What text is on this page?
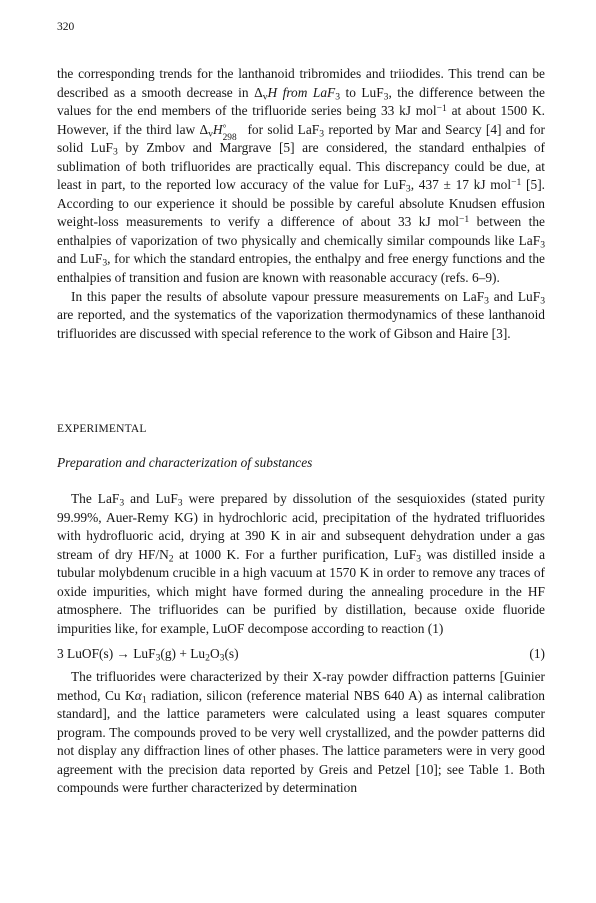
320

the corresponding trends for the lanthanoid tribromides and triiodides. This trend can be described as a smooth decrease in $\Delta_vH$ from LaF$_3$ to LuF$_3$, the difference between the values for the end members of the trifluoride series being 33 kJ mol$^{-1}$ at about 1500 K. However, if the third law $\Delta_vH$ °
298
for solid LaF$_3$ reported by Mar and Searcy [4] and for solid LuF$_3$ by Zmbov and Margrave [5] are considered, the standard enthalpies of sublimation of both trifluorides are practically equal. This discrepancy could be due, at least in part, to the reported low accuracy of the value for LuF$_3$, 437 ± 17 kJ mol$^{-1}$ [5]. According to our experience it should be possible by careful absolute Knudsen effusion weight-loss measurements to verify a difference of about 33 kJ mol$^{-1}$ between the enthalpies of vaporization of two physically and chemically similar compounds like LaF$_3$ and LuF$_3$, for which the standard entropies, the enthalpy and free energy functions and the enthalpies of transition and fusion are known with reasonable accuracy (refs. 6–9).

In this paper the results of absolute vapour pressure measurements on LaF$_3$ and LuF$_3$ are reported, and the systematics of the vaporization thermodynamics of these lanthanoid trifluorides are discussed with special reference to the work of Gibson and Haire [3].

EXPERIMENTAL
Preparation and characterization of substances

The LaF$_3$ and LuF$_3$ were prepared by dissolution of the sesquioxides (stated purity 99.99%, Auer-Remy KG) in hydrochloric acid, precipitation of the hydrated trifluorides with hydrofluoric acid, drying at 390 K in air and subsequent dehydration under a gas stream of dry $HF/N_2$ at 1000 K. For a further purification, LuF$_3$ was distilled inside a tubular molybdenum crucible in a high vacuum at 1570 K in order to remove any traces of oxide impurities, which might have formed during the annealing procedure in the HF atmosphere. The trifluorides can be purified by distillation, because oxide fluoride impurities like, for example, LuOF decompose according to reaction (1)

3 LuOF(s) → $LuF_3(g) + Lu_2O_3(s)$	(1)

The trifluorides were characterized by their X-ray powder diffraction patterns [Guinier method, Cu $K\alpha_1$ radiation, silicon (reference material NBS 640 A) as internal calibration standard], and the lattice parameters were calculated using a least squares computer program. The compounds proved to be very well crystallized, and the powder patterns did not display any diffraction lines of other phases. The lattice parameters were in very good agreement with the precision data reported by Greis and Petzel [10]; see Table 1. Both compounds were further characterized by determination
